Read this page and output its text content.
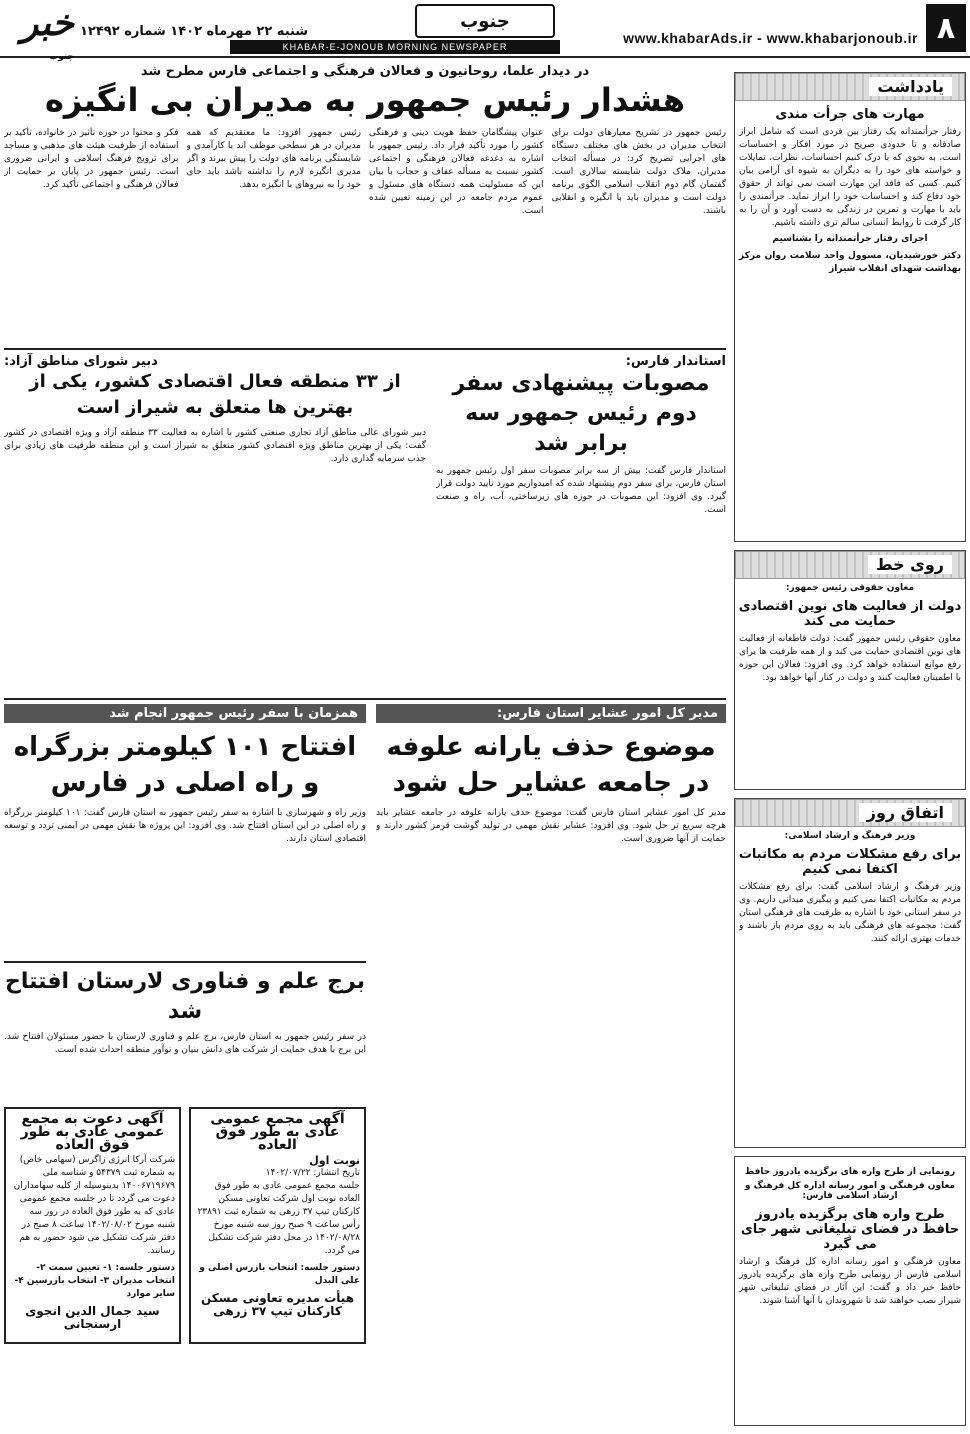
۸
www.khabarAds.ir - www.khabarjonoub.ir
جنوب
شنبه ۲۲ مهرماه ۱۴۰۲ شماره ۱۲۴۹۲
KHABAR-E-JONOUB MORNING NEWSPAPER
خبر جنوب
یادداشت
مهارت های جرأت مندی
رفتار جرأتمندانه یک رفتار بین فردی است که شامل ابراز صادقانه و تا حدودی صریح در مورد افکار و احساسات است، به نحوی که با درک کنیم احساسات، نظرات، تمایلات و خواسته های خود را به دیگران به شیوه ای آرامی بیان کنیم. کسی که فاقد این مهارت است نمی تواند از حقوق خود دفاع کند و احساسات خود را ابراز نماید. جرأتمندی را باید با مهارت و تمرین در زندگی به دست آورد و آن را به کار گرفت تا روابط انسانی سالم تری داشته باشیم.
اجرای رفتار جرأتمندانه را بشناسیم
دکتر خورشیدیان، مسوول واحد سلامت روان مرکز بهداشت شهدای انقلاب شیراز
روی خط
معاون حقوقی رئیس جمهور:
دولت از فعالیت های نوین اقتصادی حمایت می کند
معاون حقوقی رئیس جمهور گفت: دولت قاطعانه از فعالیت های نوین اقتصادی حمایت می کند و از همه ظرفیت ها برای رفع موانع استفاده خواهد کرد. وی افزود: فعالان این حوزه با اطمینان فعالیت کنند و دولت در کنار آنها خواهد بود.
اتفاق روز
وزیر فرهنگ و ارشاد اسلامی:
برای رفع مشکلات مردم به مکاتبات اکتفا نمی کنیم
وزیر فرهنگ و ارشاد اسلامی گفت: برای رفع مشکلات مردم به مکاتبات اکتفا نمی کنیم و پیگیری میدانی داریم. وی در سفر استانی خود با اشاره به ظرفیت های فرهنگی استان گفت: مجموعه های فرهنگی باید به روی مردم باز باشند و خدمات بهتری ارائه کنند.
رونمایی از طرح واره های برگزیده یادروز حافظ
معاون فرهنگی و امور رسانه اداره کل فرهنگ و ارشاد اسلامی فارس:
طرح واره های برگزیده یادروز حافظ در فضای تبلیغاتی شهر جای می گیرد
معاون فرهنگی و امور رسانه اداره کل فرهنگ و ارشاد اسلامی فارس از رونمایی طرح واره های برگزیده یادروز حافظ خبر داد و گفت: این آثار در فضای تبلیغاتی شهر شیراز نصب خواهند شد تا شهروندان با آنها آشنا شوند.
در دیدار علما، روحانیون و فعالان فرهنگی و اجتماعی فارس مطرح شد
هشدار رئیس جمهور به مدیران بی انگیزه
رئیس جمهور در تشریح معیارهای دولت برای انتخاب مدیران در بخش های مختلف دستگاه های اجرایی تصریح کرد: در مسأله انتخاب مدیران، ملاک دولت شایسته سالاری است. گفتمان گام دوم انقلاب اسلامی الگوی برنامه دولت است و مدیران باید با انگیزه و انقلابی باشند.
عنوان پیشگامان حفظ هویت دینی و فرهنگی کشور را مورد تأکید قرار داد. رئیس جمهور با اشاره به دغدغه فعالان فرهنگی و اجتماعی کشور نسبت به مسأله عفاف و حجاب با بیان این که مسئولیت همه دستگاه های مسئول و عموم مردم جامعه در این زمینه تعیین شده است.
رئیس جمهور افزود: ما معتقدیم که همه مدیران در هر سطحی موظف اند با کارآمدی و شایستگی برنامه های دولت را پیش ببرند و اگر مدیری انگیزه لازم را نداشته باشد باید جای خود را به نیروهای با انگیزه بدهد.
فکر و محتوا در حوزه تأثیر در خانواده، تأکید بر استفاده از ظرفیت هیئت های مذهبی و مساجد برای ترویج فرهنگ اسلامی و ایرانی ضروری است. رئیس جمهور در پایان بر حمایت از فعالان فرهنگی و اجتماعی تأکید کرد.
استاندار فارس:
مصوبات پیشنهادی سفر دوم رئیس جمهور سه برابر شد
استاندار فارس گفت: بیش از سه برابر مصوبات سفر اول رئیس جمهور به استان فارس، برای سفر دوم پیشنهاد شده که امیدواریم مورد تایید دولت قرار گیرد. وی افزود: این مصوبات در حوزه های زیرساختی، آب، راه و صنعت است.
دبیر شورای مناطق آزاد:
از ۳۳ منطقه فعال اقتصادی کشور، یکی از بهترین ها متعلق به شیراز است
دبیر شورای عالی مناطق آزاد تجاری صنعتی کشور با اشاره به فعالیت ۳۳ منطقه آزاد و ویژه اقتصادی در کشور گفت: یکی از بهترین مناطق ویژه اقتصادی کشور متعلق به شیراز است و این منطقه ظرفیت های زیادی برای جذب سرمایه گذاری دارد.
مدیر کل امور عشایر استان فارس:
موضوع حذف یارانه علوفه در جامعه عشایر حل شود
مدیر کل امور عشایر استان فارس گفت: موضوع حذف یارانه علوفه در جامعه عشایر باید هرچه سریع تر حل شود. وی افزود: عشایر نقش مهمی در تولید گوشت قرمز کشور دارند و حمایت از آنها ضروری است.
همزمان با سفر رئیس جمهور انجام شد
افتتاح ۱۰۱ کیلومتر بزرگراه و راه اصلی در فارس
وزیر راه و شهرسازی با اشاره به سفر رئیس جمهور به استان فارس گفت: ۱۰۱ کیلومتر بزرگراه و راه اصلی در این استان افتتاح شد. وی افزود: این پروژه ها نقش مهمی در ایمنی تردد و توسعه اقتصادی استان دارند.
برج علم و فناوری لارستان افتتاح شد
در سفر رئیس جمهور به استان فارس، برج علم و فناوری لارستان با حضور مسئولان افتتاح شد. این برج با هدف حمایت از شرکت های دانش بنیان و نوآور منطقه احداث شده است.
آگهی مجمع عمومی عادی به طور فوق العاده
نوبت اول
تاریخ انتشار: ۱۴۰۲/۰۷/۲۲
جلسه مجمع عمومی عادی به طور فوق العاده نوبت اول شرکت تعاونی مسکن کارکنان تیپ ۳۷ زرهی به شماره ثبت ۲۳۸۹۱ رأس ساعت ۹ صبح روز سه شنبه مورخ ۱۴۰۲/۰۸/۲۸ در محل دفتر شرکت تشکیل می گردد.
دستور جلسه: انتخاب بازرس اصلی و علی البدل
هیأت مدیره تعاونی مسکن کارکنان تیپ ۳۷ زرهی
آگهی دعوت به مجمع عمومی عادی به طور فوق العاده
شرکت آرکا انرژی زاگرس (سهامی خاص) به شماره ثبت ۵۴۳۷۹ و شناسه ملی ۱۴۰۰۶۷۱۹۶۷۹ بدینوسیله از کلیه سهامداران دعوت می گردد تا در جلسه مجمع عمومی عادی که به طور فوق العاده در روز سه شنبه مورخ ۱۴۰۲/۰۸/۰۲ ساعت ۸ صبح در دفتر شرکت تشکیل می شود حضور به هم رسانند.
دستور جلسه: ۱- تعیین سمت ۲- انتخاب مدیران ۳- انتخاب بازرسین ۴- سایر موارد
سید جمال الدین انجوی ارسنجانی
